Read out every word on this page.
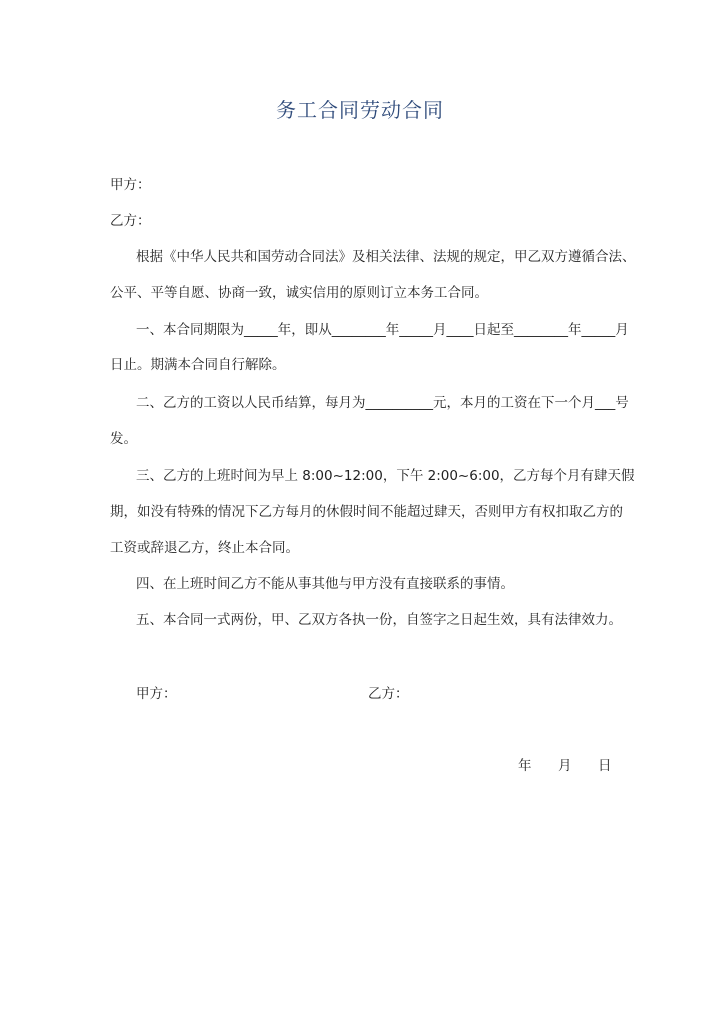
务工合同劳动合同
甲方：
乙方：
根据《中华人民共和国劳动合同法》及相关法律、法规的规定，甲乙双方遵循合法、
公平、平等自愿、协商一致，诚实信用的原则订立本务工合同。
一、本合同期限为_____年，即从________年_____月____日起至________年_____月
日止。期满本合同自行解除。
二、乙方的工资以人民币结算，每月为__________元，本月的工资在下一个月___号
发。
三、乙方的上班时间为早上 8:00~12:00，下午 2:00~6:00，乙方每个月有肆天假
期，如没有特殊的情况下乙方每月的休假时间不能超过肆天，否则甲方有权扣取乙方的
工资或辞退乙方，终止本合同。
四、在上班时间乙方不能从事其他与甲方没有直接联系的事情。
五、本合同一式两份，甲、乙双方各执一份，自签字之日起生效，具有法律效力。
甲方：	乙方：
年 月 日
